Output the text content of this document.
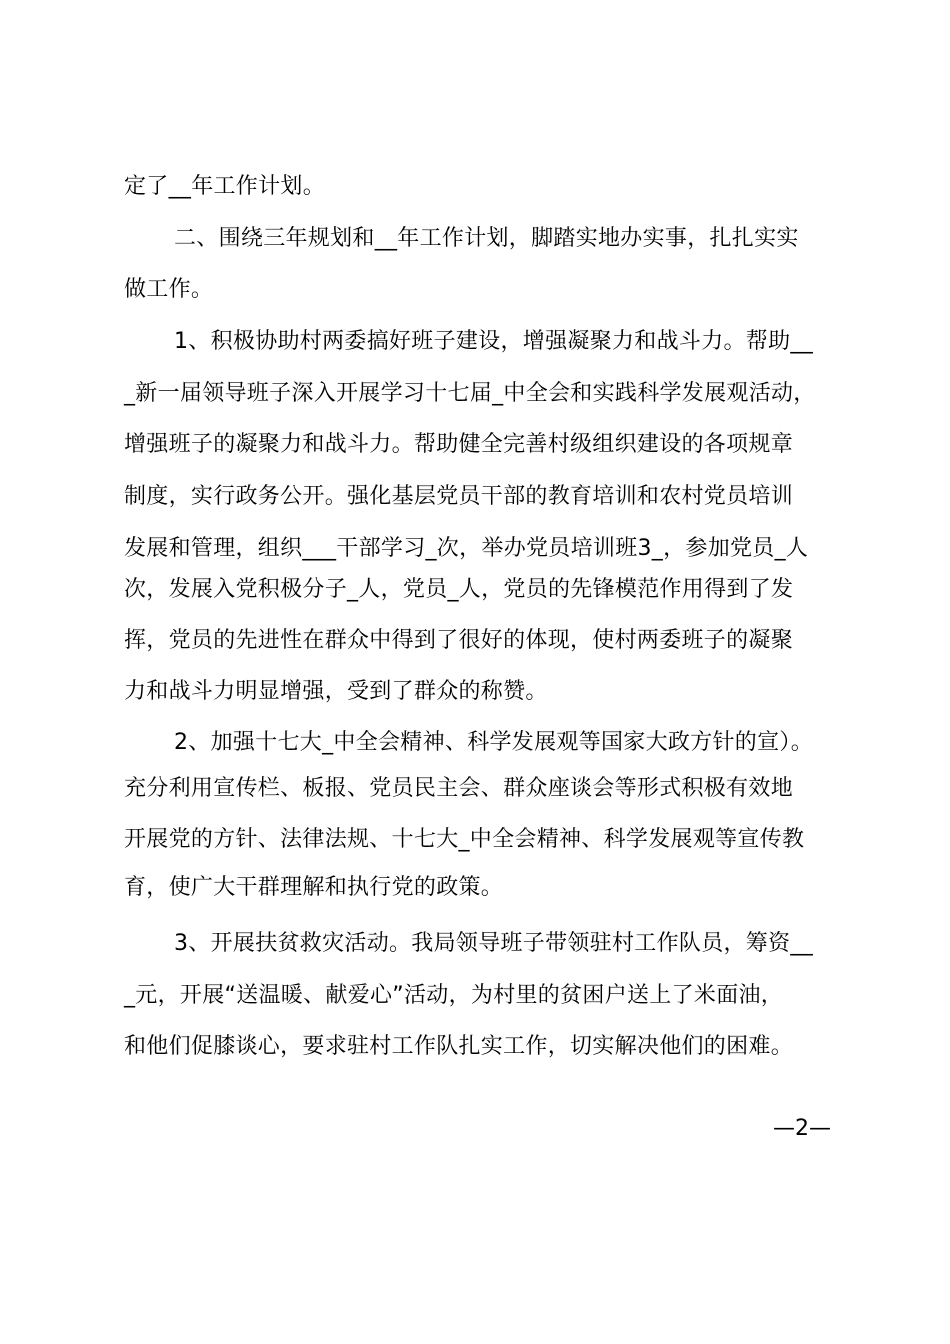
定了__年工作计划。
二、围绕三年规划和__年工作计划，脚踏实地办实事，扎扎实实
做工作。
1、积极协助村两委搞好班子建设，增强凝聚力和战斗力。帮助__
_新一届领导班子深入开展学习十七届_中全会和实践科学发展观活动，
增强班子的凝聚力和战斗力。帮助健全完善村级组织建设的各项规章
制度，实行政务公开。强化基层党员干部的教育培训和农村党员培训
发展和管理，组织___干部学习_次，举办党员培训班3_，参加党员_人
次，发展入党积极分子_人，党员_人，党员的先锋模范作用得到了发
挥，党员的先进性在群众中得到了很好的体现，使村两委班子的凝聚
力和战斗力明显增强，受到了群众的称赞。
2、加强十七大_中全会精神、科学发展观等国家大政方针的宣）。
充分利用宣传栏、板报、党员民主会、群众座谈会等形式积极有效地
开展党的方针、法律法规、十七大_中全会精神、科学发展观等宣传教
育，使广大干群理解和执行党的政策。
3、开展扶贫救灾活动。我局领导班子带领驻村工作队员，筹资__
_元，开展“送温暖、献爱心”活动，为村里的贫困户送上了米面油，
和他们促膝谈心，要求驻村工作队扎实工作，切实解决他们的困难。
—2—
